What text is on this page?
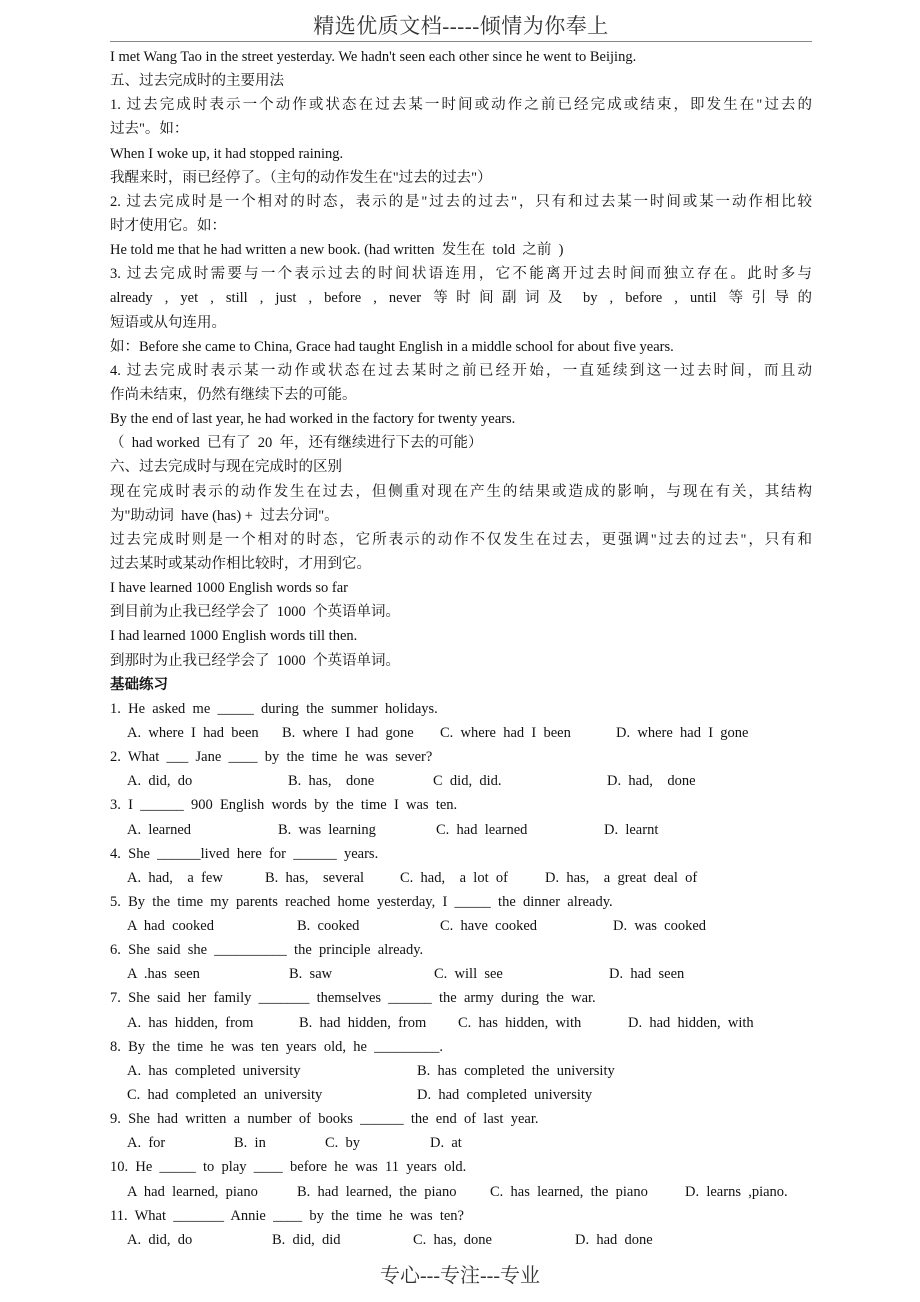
精选优质文档-----倾情为你奉上
I met Wang Tao in the street yesterday. We hadn't seen each other since he went to Beijing.
五、过去完成时的主要用法
1. 过去完成时表示一个动作或状态在过去某一时间或动作之前已经完成或结束，即发生在"过去的
过去"。如：
When I woke up, it had stopped raining.
我醒来时，雨已经停了。（主句的动作发生在"过去的过去"）
2. 过去完成时是一个相对的时态，表示的是"过去的过去"，只有和过去某一时间或某一动作相比较
时才使用它。如：
He told me that he had written a new book. (had written  发生在  told  之前  )
3. 过去完成时需要与一个表示过去的时间状语连用，它不能离开过去时间而独立存在。此时多与
already , yet , still , just , before , never 等时间副词及 by , before , until 等引导的
短语或从句连用。
如：Before she came to China, Grace had taught English in a middle school for about five years.
4. 过去完成时表示某一动作或状态在过去某时之前已经开始，一直延续到这一过去时间，而且动
作尚未结束，仍然有继续下去的可能。
By the end of last year, he had worked in the factory for twenty years.
（  had worked  已有了  20  年，还有继续进行下去的可能）
六、过去完成时与现在完成时的区别
现在完成时表示的动作发生在过去，但侧重对现在产生的结果或造成的影响，与现在有关，其结构
为"助动词  have (has) +  过去分词"。
过去完成时则是一个相对的时态，它所表示的动作不仅发生在过去，更强调"过去的过去"，只有和
过去某时或某动作相比较时，才用到它。
I have learned 1000 English words so far
到目前为止我已经学会了  1000  个英语单词。
I had learned 1000 English words till then.
到那时为止我已经学会了  1000  个英语单词。
基础练习
1.  He  asked  me  _____  during  the  summer  holidays.
A.  where  I  had  been B.  where  I  had  gone C.  where  had  I  been	D.  where  had  I  gone
2.  What  ___  Jane  ____  by  the  time  he  was  sever?
A.  did,  do	B.  has,    done	C  did,  did.	D.  had,    done
3.  I  ______  900  English  words  by  the  time  I  was  ten.
A.  learned	B.  was  learning	C.  had  learned	D.  learnt
4.  She  ______lived  here  for  ______  years.
A.  had,    a  few	B.  has,    several C.  had,    a  lot  of	D.  has,    a  great  deal  of
5.  By  the  time  my  parents  reached  home  yesterday,  I  _____  the  dinner  already.
A  had  cooked	B.  cooked	C.  have  cooked	D.  was  cooked
6.  She  said  she  __________  the  principle  already.
A  .has  seen	B.  saw	C.  will  see	D.  had  seen
7.  She  said  her  family  _______  themselves  ______  the  army  during  the  war.
A.  has  hidden,  from	B.  had  hidden,  from C.  has  hidden,  with	D.  had  hidden,  with
8.  By  the  time  he  was  ten  years  old,  he  _________.
A.  has  completed  university	B.  has  completed  the  university
C.  had  completed  an  university	D.  had  completed  university
9.  She  had  written  a  number  of  books  ______  the  end  of  last  year.
A.  for	B.  in	C.  by	D.  at
10.  He  _____  to  play  ____  before  he  was  11  years  old.
A  had  learned,  piano	B.  had  learned,  the  piano C.  has  learned,  the  piano	D.  learns  ,piano.
11.  What  _______  Annie  ____  by  the  time  he  was  ten?
A.  did,  do	B.  did,  did	C.  has,  done	D.  had  done
专心---专注---专业
